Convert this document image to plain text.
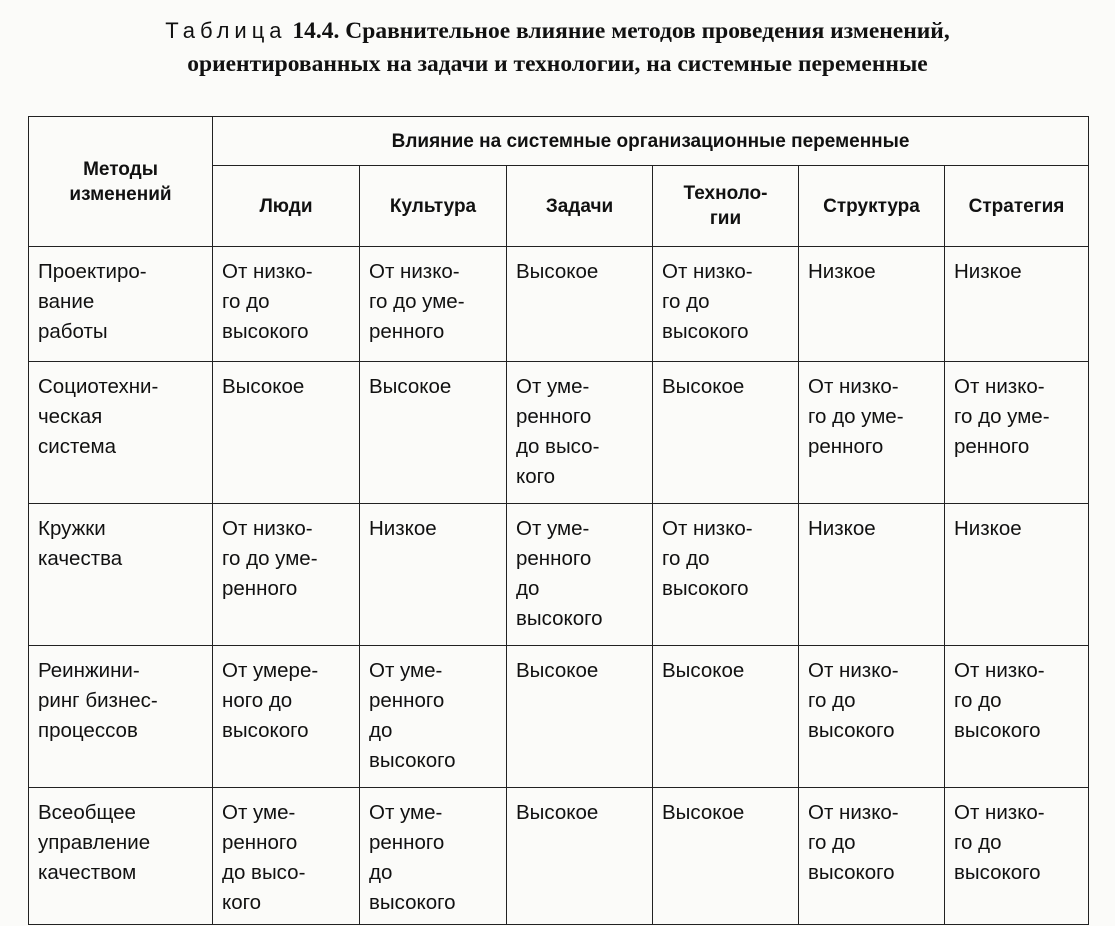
Таблица 14.4. Сравнительное влияние методов проведения изменений,
ориентированных на задачи и технологии, на системные переменные
Методы
изменений	Влияние на системные организационные переменные					

	Люди	Культура	Задачи	Техноло-
гии	Структура	Стратегия

Проектиро-
вание
работы	От низко-
го до
высокого	От низко-
го до уме-
ренного	Высокое	От низко-
го до
высокого	Низкое	Низкое

Социотехни-
ческая
система	Высокое	Высокое	От уме-
ренного
до высо-
кого	Высокое	От низко-
го до уме-
ренного	От низко-
го до уме-
ренного

Кружки
качества	От низко-
го до уме-
ренного	Низкое	От уме-
ренного
до
высокого	От низко-
го до
высокого	Низкое	Низкое

Реинжини-
ринг бизнес-
процессов	От умере-
ного до
высокого	От уме-
ренного
до
высокого	Высокое	Высокое	От низко-
го до
высокого	От низко-
го до
высокого

Всеобщее
управление
качеством	От уме-
ренного
до высо-
кого	От уме-
ренного
до
высокого	Высокое	Высокое	От низко-
го до
высокого	От низко-
го до
высокого
